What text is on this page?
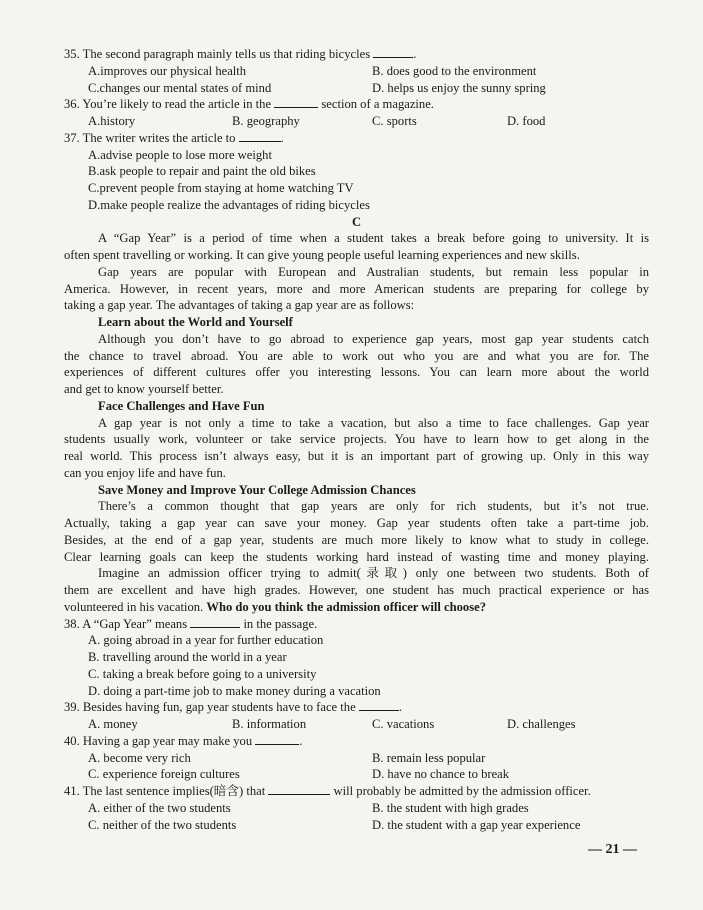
35. The second paragraph mainly tells us that riding bicycles	.
A.improves our physical health	B. does good to the environment
C.changes our mental states of mind	D. helps us enjoy the sunny spring
36. You’re likely to read the article in the	section of a magazine.
A.history	B. geography	C. sports	D. food
37. The writer writes the article to	.
A.advise people to lose more weight
B.ask people to repair and paint the old bikes
C.prevent people from staying at home watching TV
D.make people realize the advantages of riding bicycles
C
A “Gap Year” is a period of time when a student takes a break before going to university. It is
often spent travelling or working. It can give young people useful learning experiences and new skills.
Gap years are popular with European and Australian students, but remain less popular in
America. However, in recent years, more and more American students are preparing for college by
taking a gap year. The advantages of taking a gap year are as follows:
Learn about the World and Yourself
Although you don’t have to go abroad to experience gap years, most gap year students catch
the chance to travel abroad. You are able to work out who you are and what you are for. The
experiences of different cultures offer you interesting lessons. You can learn more about the world
and get to know yourself better.
Face Challenges and Have Fun
A gap year is not only a time to take a vacation, but also a time to face challenges. Gap year
students usually work, volunteer or take service projects. You have to learn how to get along in the
real world. This process isn’t always easy, but it is an important part of growing up. Only in this way
can you enjoy life and have fun.
Save Money and Improve Your College Admission Chances
There’s a common thought that gap years are only for rich students, but it’s not true.
Actually, taking a gap year can save your money. Gap year students often take a part-time job.
Besides, at the end of a gap year, students are much more likely to know what to study in college.
Clear learning goals can keep the students working hard instead of wasting time and money playing.
Imagine an admission officer trying to admit(录取) only one between two students. Both of
them are excellent and have high grades. However, one student has much practical experience or has
volunteered in his vacation. Who do you think the admission officer will choose?
38. A “Gap Year” means	in the passage.
A. going abroad in a year for further education
B. travelling around the world in a year
C. taking a break before going to a university
D. doing a part-time job to make money during a vacation
39. Besides having fun, gap year students have to face the	.
A. money	B. information	C. vacations	D. challenges
40. Having a gap year may make you	.
A. become very rich	B. remain less popular
C. experience foreign cultures	D. have no chance to break
41. The last sentence implies(暗含) that	will probably be admitted by the admission officer.
A. either of the two students	B. the student with high grades
C. neither of the two students	D. the student with a gap year experience
— 21 —
